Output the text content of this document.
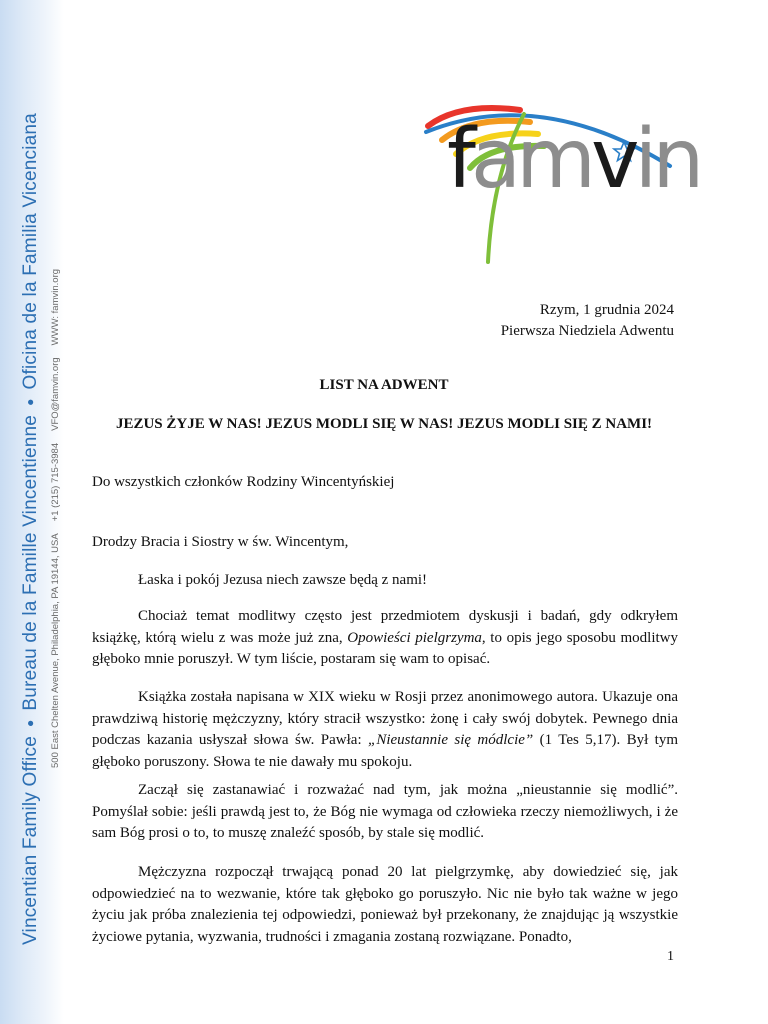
Vincentian Family Office●Bureau de la Famille Vincentienne●Oficina de la Familia Vicenciana
500 East Chelten Avenue, Philadelphia, PA 19144, USA+1 (215) 715-3984VFO@famvin.orgWWW: famvin.org
famvin
Rzym, 1 grudnia 2024
Pierwsza Niedziela Adwentu
LIST NA ADWENT
JEZUS ŻYJE W NAS! JEZUS MODLI SIĘ W NAS! JEZUS MODLI SIĘ Z NAMI!
Do wszystkich członków Rodziny Wincentyńskiej
Drodzy Bracia i Siostry w św. Wincentym,
Łaska i pokój Jezusa niech zawsze będą z nami!
Chociaż temat modlitwy często jest przedmiotem dyskusji i badań, gdy odkryłem książkę, którą wielu z was może już zna, Opowieści pielgrzyma, to opis jego sposobu modlitwy głęboko mnie poruszył. W tym liście, postaram się wam to opisać.
Książka została napisana w XIX wieku w Rosji przez anonimowego autora. Ukazuje ona prawdziwą historię mężczyzny, który stracił wszystko: żonę i cały swój dobytek. Pewnego dnia podczas kazania usłyszał słowa św. Pawła: „Nieustannie się módlcie” (1 Tes 5,17). Był tym głęboko poruszony. Słowa te nie dawały mu spokoju.
Zaczął się zastanawiać i rozważać nad tym, jak można „nieustannie się modlić”. Pomyślał sobie: jeśli prawdą jest to, że Bóg nie wymaga od człowieka rzeczy niemożliwych, i że sam Bóg prosi o to, to muszę znaleźć sposób, by stale się modlić.
Mężczyzna rozpoczął trwającą ponad 20 lat pielgrzymkę, aby dowiedzieć się, jak odpowiedzieć na to wezwanie, które tak głęboko go poruszyło. Nic nie było tak ważne w jego życiu jak próba znalezienia tej odpowiedzi, ponieważ był przekonany, że znajdując ją wszystkie życiowe pytania, wyzwania, trudności i zmagania zostaną rozwiązane. Ponadto,
1
